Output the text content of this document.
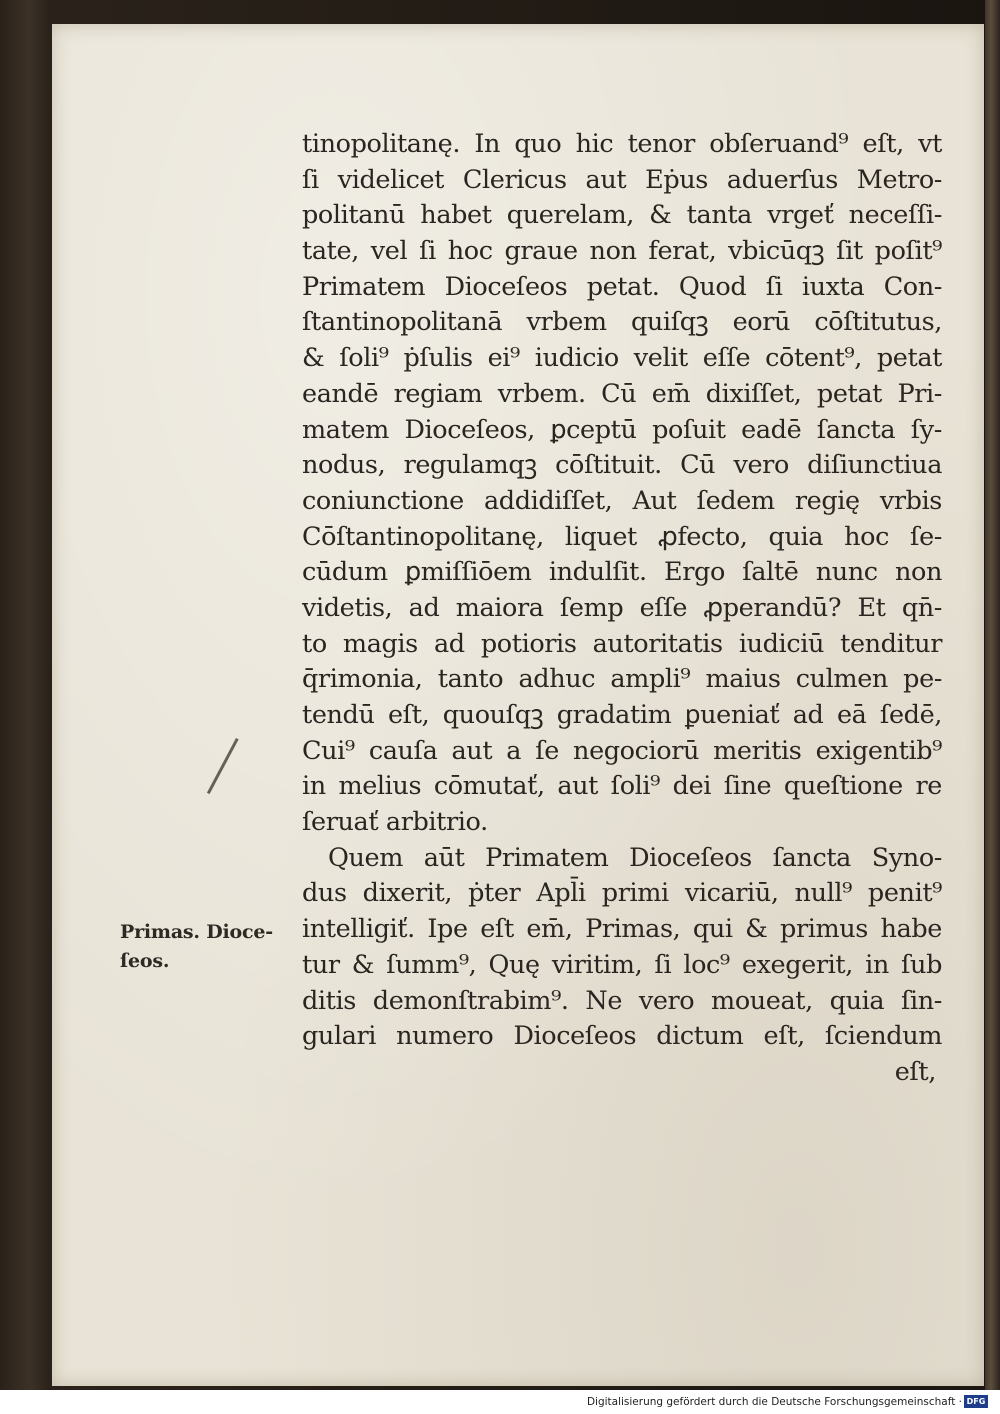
tinopolitanę. In quo hic tenor obſeruand⁹ eſt, vt
ſi videlicet Clericus aut Eṗus aduerſus Metro-
politanū habet querelam, & tanta vrgeť neceſſi-
tate, vel ſi hoc graue non ferat, vbicūqꝫ ſit poſit⁹
Primatem Dioceſeos petat. Quod ſi iuxta Con-
ſtantinopolitanā vrbem quiſqꝫ eorū cōſtitutus,
& ſoli⁹ ṗſulis ei⁹ iudicio velit eſſe cōtent⁹, petat
eandē regiam vrbem. Cū em̄ dixiſſet, petat Pri-
matem Dioceſeos, ꝑceptū poſuit eadē ſancta ſy-
nodus, regulamqꝫ cōſtituit. Cū vero diſiunctiua
coniunctione addidiſſet, Aut ſedem regię vrbis
Cōſtantinopolitanę, liquet ꝓfecto, quia hoc ſe-
cūdum ꝑmiſſiōem indulſit. Ergo ſaltē nunc non
videtis, ad maiora ſemp eſſe ꝓperandū? Et qn̄-
to magis ad potioris autoritatis iudiciū tenditur
q̄rimonia, tanto adhuc ampli⁹ maius culmen pe-
tendū eſt, quouſqꝫ gradatim ꝑueniať ad eā ſedē,
Cui⁹ cauſa aut a ſe negociorū meritis exigentib⁹
in melius cōmutať, aut ſoli⁹ dei ſine queſtione re
ſeruať arbitrio.
Quem aūt Primatem Dioceſeos ſancta Syno-
dus dixerit, ṗter Apl̄i primi vicariū, null⁹ penit⁹
intelligiť. Ipe eſt em̄, Primas, qui & primus habe
tur & ſumm⁹, Quę viritim, ſi loc⁹ exegerit, in ſub
ditis demonſtrabim⁹. Ne vero moueat, quia ſin-
gulari numero Dioceſeos dictum eſt, ſciendum
eſt,
Primas. Dioce-
ſeos.
Digitalisierung gefördert durch die Deutsche Forschungsgemeinschaft · DFG
